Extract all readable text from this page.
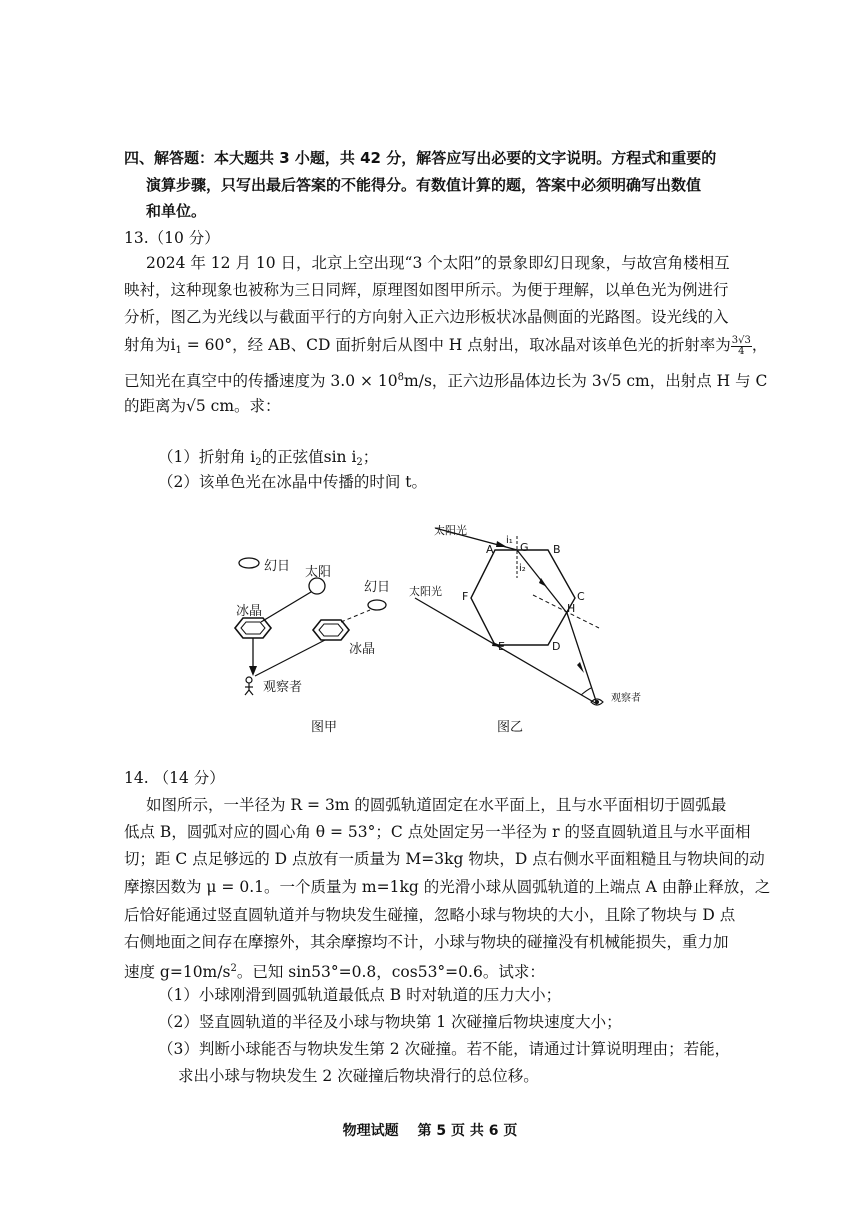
四、解答题：本大题共 3 小题，共 42 分，解答应写出必要的文字说明。方程式和重要的
演算步骤，只写出最后答案的不能得分。有数值计算的题，答案中必须明确写出数值
和单位。
13.（10 分）
2024 年 12 月 10 日，北京上空出现“3 个太阳”的景象即幻日现象，与故宫角楼相互
映衬，这种现象也被称为三日同辉，原理图如图甲所示。为便于理解，以单色光为例进行
分析，图乙为光线以与截面平行的方向射入正六边形板状冰晶侧面的光路图。设光线的入
射角为$i_1 = 60^\circ$，经 AB、CD 面折射后从图中 H 点射出，取冰晶对该单色光的折射率为 $\frac{3√3}{4}$ ，
已知光在真空中的传播速度为 $3.0 \times 10^8m/s$，正六边形晶体边长为 3√5 cm，出射点 H 与 C
的距离为√5 cm。求：
（1）折射角 $i_2$的正弦值$\sin i_2$；
（2）该单色光在冰晶中传播的时间 t。
幻日 太阳
幻日
冰晶
冰晶
观察者
图甲
太阳光
太阳光
A	B
C
D
E
F
G
H
i₁
i₂
观察者
图乙
14. （14 分）
如图所示，一半径为 R = 3m 的圆弧轨道固定在水平面上，且与水平面相切于圆弧最
低点 B，圆弧对应的圆心角 θ = 53°；C 点处固定另一半径为 r 的竖直圆轨道且与水平面相
切；距 C 点足够远的 D 点放有一质量为 M=3kg 物块，D 点右侧水平面粗糙且与物块间的动
摩擦因数为 μ = 0.1。一个质量为 m=1kg 的光滑小球从圆弧轨道的上端点 A 由静止释放，之
后恰好能通过竖直圆轨道并与物块发生碰撞，忽略小球与物块的大小，且除了物块与 D 点
右侧地面之间存在摩擦外，其余摩擦均不计，小球与物块的碰撞没有机械能损失，重力加
速度 $g=10m/s^2$。已知 sin53°=0.8，cos53°=0.6。试求：
（1）小球刚滑到圆弧轨道最低点 B 时对轨道的压力大小；
（2）竖直圆轨道的半径及小球与物块第 1 次碰撞后物块速度大小；
（3）判断小球能否与物块发生第 2 次碰撞。若不能，请通过计算说明理由；若能，
求出小球与物块发生 2 次碰撞后物块滑行的总位移。
物理试题　 第 5 页 共 6 页
